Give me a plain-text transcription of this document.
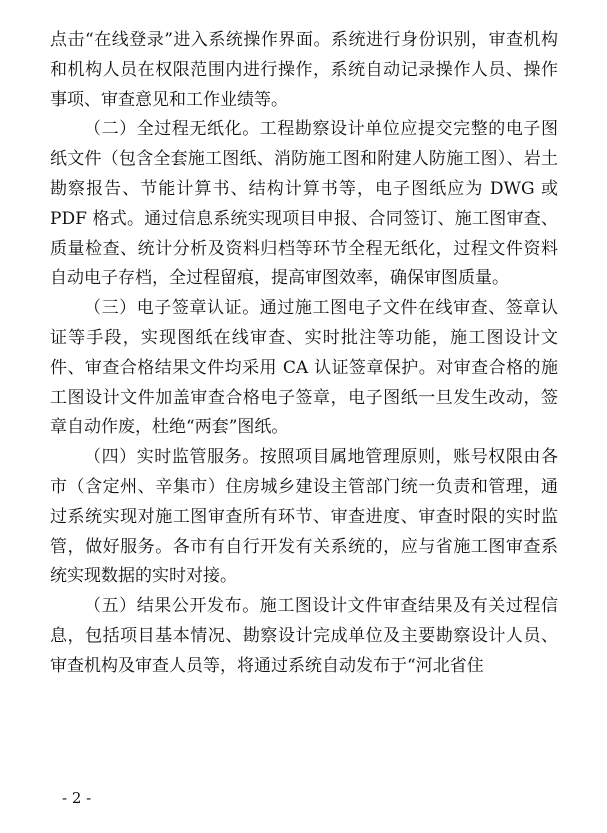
点击“在线登录”进入系统操作界面。系统进行身份识别，审查机构和机构人员在权限范围内进行操作，系统自动记录操作人员、操作事项、审查意见和工作业绩等。

（二）全过程无纸化。工程勘察设计单位应提交完整的电子图纸文件（包含全套施工图纸、消防施工图和附建人防施工图）、岩土勘察报告、节能计算书、结构计算书等，电子图纸应为 DWG 或 PDF 格式。通过信息系统实现项目申报、合同签订、施工图审查、质量检查、统计分析及资料归档等环节全程无纸化，过程文件资料自动电子存档，全过程留痕，提高审图效率，确保审图质量。

（三）电子签章认证。通过施工图电子文件在线审查、签章认证等手段，实现图纸在线审查、实时批注等功能，施工图设计文件、审查合格结果文件均采用 CA 认证签章保护。对审查合格的施工图设计文件加盖审查合格电子签章，电子图纸一旦发生改动，签章自动作废，杜绝“两套”图纸。

（四）实时监管服务。按照项目属地管理原则，账号权限由各市（含定州、辛集市）住房城乡建设主管部门统一负责和管理，通过系统实现对施工图审查所有环节、审查进度、审查时限的实时监管，做好服务。各市有自行开发有关系统的，应与省施工图审查系统实现数据的实时对接。

（五）结果公开发布。施工图设计文件审查结果及有关过程信息，包括项目基本情况、勘察设计完成单位及主要勘察设计人员、审查机构及审查人员等，将通过系统自动发布于“河北省住

- 2 -
